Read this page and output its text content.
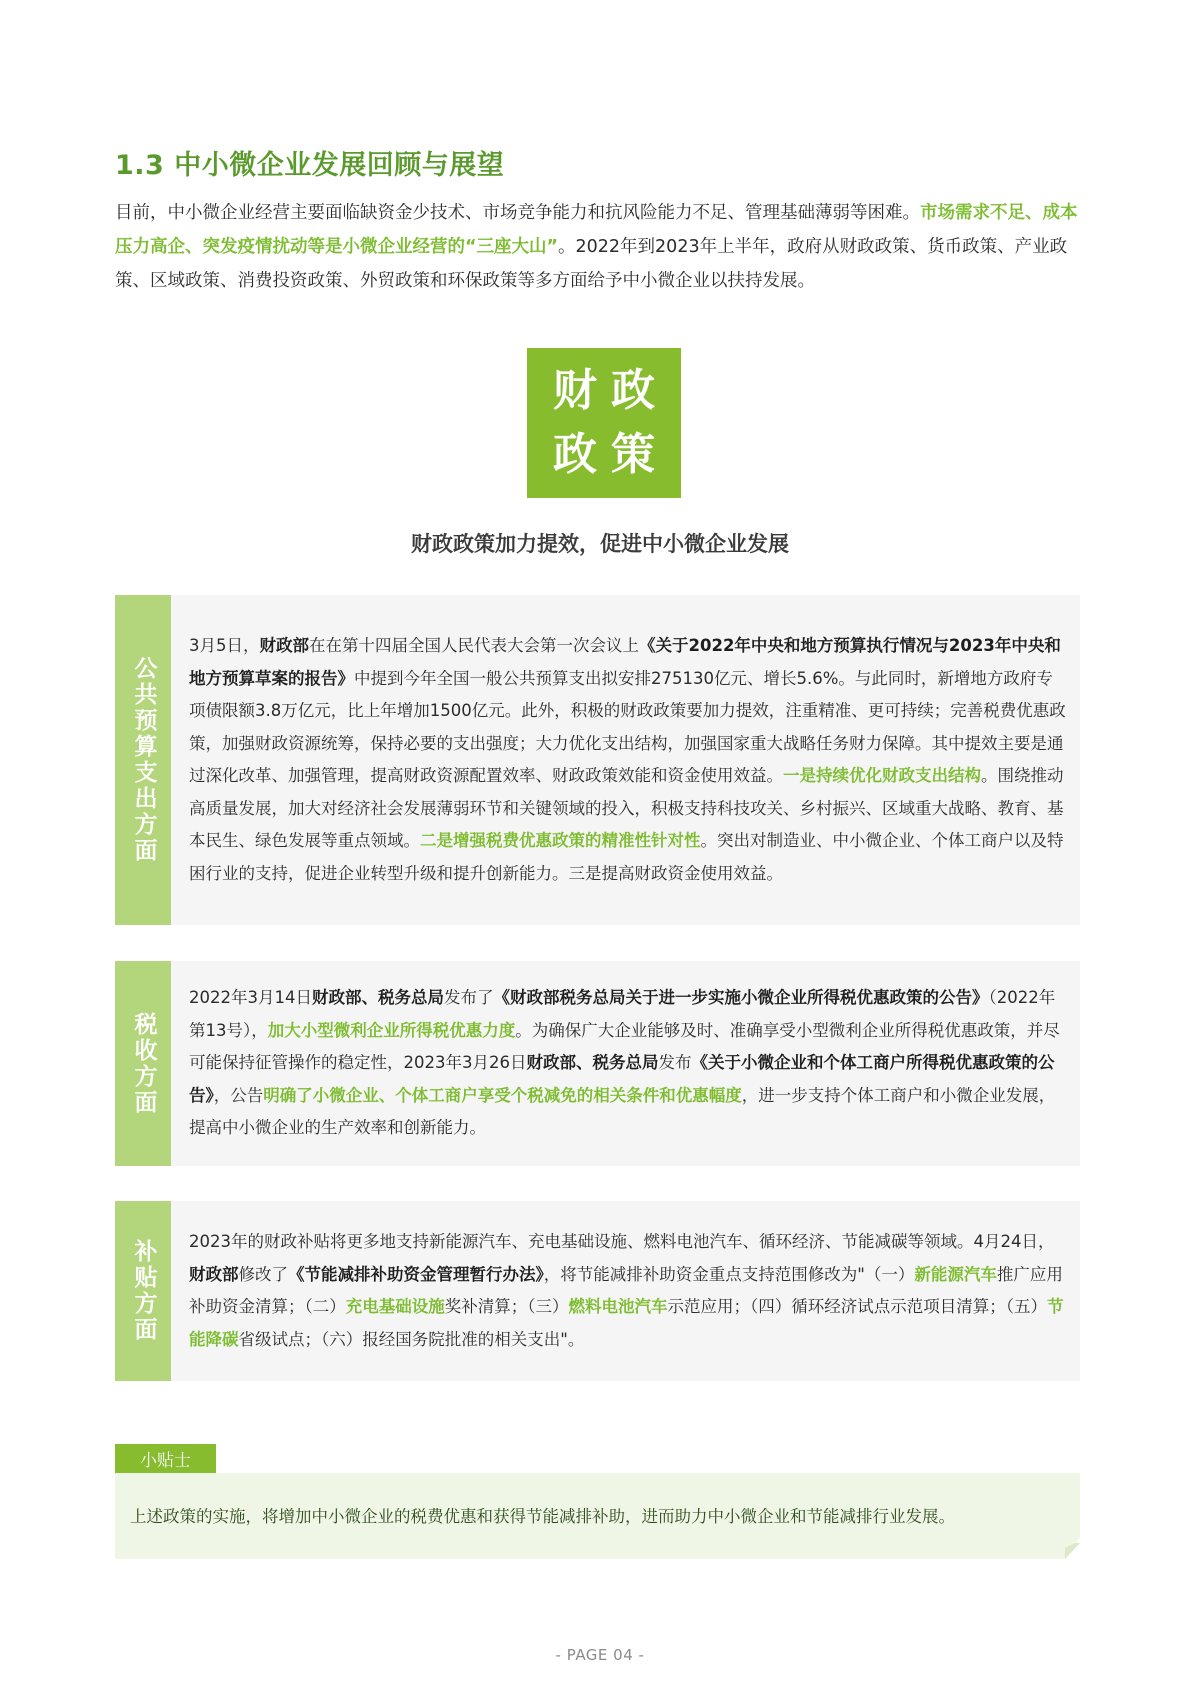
1.3 中小微企业发展回顾与展望
目前，中小微企业经营主要面临缺资金少技术、市场竞争能力和抗风险能力不足、管理基础薄弱等困难。市场需求不足、成本压力高企、突发疫情扰动等是小微企业经营的“三座大山”。2022年到2023年上半年，政府从财政政策、货币政策、产业政策、区域政策、消费投资政策、外贸政策和环保政策等多方面给予中小微企业以扶持发展。
财政
政策
财政政策加力提效，促进中小微企业发展
公共预算支出方面
3月5日，财政部在在第十四届全国人民代表大会第一次会议上《关于2022年中央和地方预算执行情况与2023年中央和地方预算草案的报告》中提到今年全国一般公共预算支出拟安排275130亿元、增长5.6%。与此同时，新增地方政府专项债限额3.8万亿元，比上年增加1500亿元。此外，积极的财政政策要加力提效，注重精准、更可持续；完善税费优惠政策，加强财政资源统筹，保持必要的支出强度；大力优化支出结构，加强国家重大战略任务财力保障。其中提效主要是通过深化改革、加强管理，提高财政资源配置效率、财政政策效能和资金使用效益。一是持续优化财政支出结构。围绕推动高质量发展，加大对经济社会发展薄弱环节和关键领域的投入，积极支持科技攻关、乡村振兴、区域重大战略、教育、基本民生、绿色发展等重点领域。二是增强税费优惠政策的精准性针对性。突出对制造业、中小微企业、个体工商户以及特困行业的支持，促进企业转型升级和提升创新能力。三是提高财政资金使用效益。
税收方面
2022年3月14日财政部、税务总局发布了《财政部税务总局关于进一步实施小微企业所得税优惠政策的公告》（2022年第13号），加大小型微利企业所得税优惠力度。为确保广大企业能够及时、准确享受小型微利企业所得税优惠政策，并尽可能保持征管操作的稳定性，2023年3月26日财政部、税务总局发布《关于小微企业和个体工商户所得税优惠政策的公告》，公告明确了小微企业、个体工商户享受个税减免的相关条件和优惠幅度，进一步支持个体工商户和小微企业发展，提高中小微企业的生产效率和创新能力。
补贴方面 2023年的财政补贴将更多地支持新能源汽车、充电基础设施、燃料电池汽车、循环经济、节能减碳等领域。4月24日，财政部修改了《节能减排补助资金管理暂行办法》，将节能减排补助资金重点支持范围修改为"（一）新能源汽车推广应用补助资金清算；（二）充电基础设施奖补清算；（三）燃料电池汽车示范应用；（四）循环经济试点示范项目清算；（五）节能降碳省级试点；（六）报经国务院批准的相关支出"。
小贴士
上述政策的实施，将增加中小微企业的税费优惠和获得节能减排补助，进而助力中小微企业和节能减排行业发展。
- PAGE 04 -
